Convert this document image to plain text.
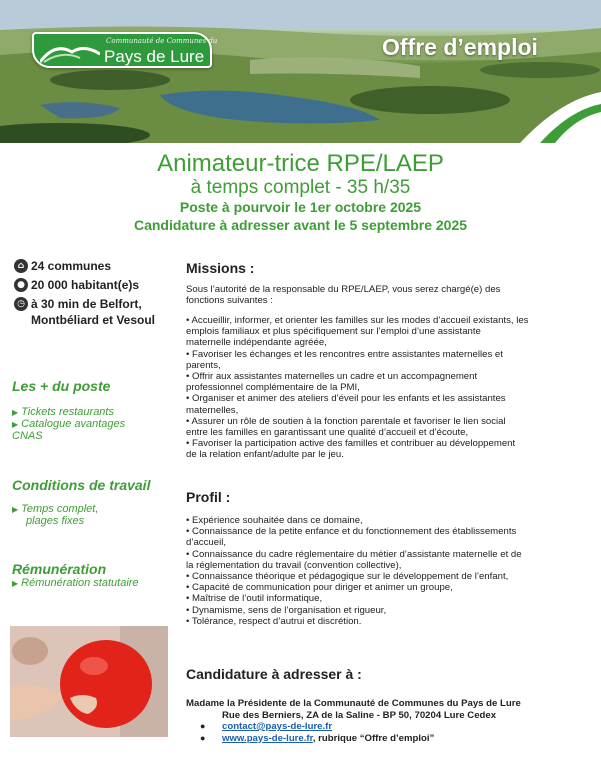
Communauté de Communes du
Pays de Lure	Offre d’emploi
Animateur-trice RPE/LAEP
à temps complet - 35 h/35
Poste à pourvoir le 1er octobre 2025
Candidature à adresser avant le 5 septembre 2025
⌂ 24 communes
● 20 000 habitant(e)s
◷ à 30 min de Belfort,
Montbéliard et Vesoul
Les + du poste
▶ Tickets restaurants
▶ Catalogue avantages
CNAS
Conditions de travail
▶ Temps complet,
plages fixes
Rémunération
▶ Rémunération statutaire
Missions :

Sous l’autorité de la responsable du RPE/LAEP, vous serez chargé(e) des

fonctions suivantes :

• Accueillir, informer, et orienter les familles sur les modes d’accueil existants, les

emplois familiaux et plus spécifiquement sur l’emploi d’une assistante

maternelle indépendante agréée,

• Favoriser les échanges et les rencontres entre assistantes maternelles et

parents,

• Offrir aux assistantes maternelles un cadre et un accompagnement

professionnel complémentaire de la PMI,

• Organiser et animer des ateliers d’éveil pour les enfants et les assistantes

maternelles,

• Assurer un rôle de soutien à la fonction parentale et favoriser le lien social

entre les familles en garantissant une qualité d’accueil et d’écoute,

• Favoriser la participation active des familles et contribuer au développement

de la relation enfant/adulte par le jeu.

Profil :

• Expérience souhaitée dans ce domaine,

• Connaissance de la petite enfance et du fonctionnement des établissements

d’accueil,

• Connaissance du cadre réglementaire du métier d’assistante maternelle et de

la réglementation du travail (convention collective),

• Connaissance théorique et pédagogique sur le développement de l’enfant,

• Capacité de communication pour diriger et animer un groupe,

• Maîtrise de l’outil informatique,

• Dynamisme, sens de l’organisation et rigueur,

• Tolérance, respect d’autrui et discrétion.

Candidature à adresser à :
Madame la Présidente de la Communauté de Communes du Pays de Lure
Rue des Berniers, ZA de la Saline - BP 50, 70204 Lure Cedex
●	contact@pays-de-lure.fr
●	www.pays-de-lure.fr, rubrique “Offre d’emploi”
